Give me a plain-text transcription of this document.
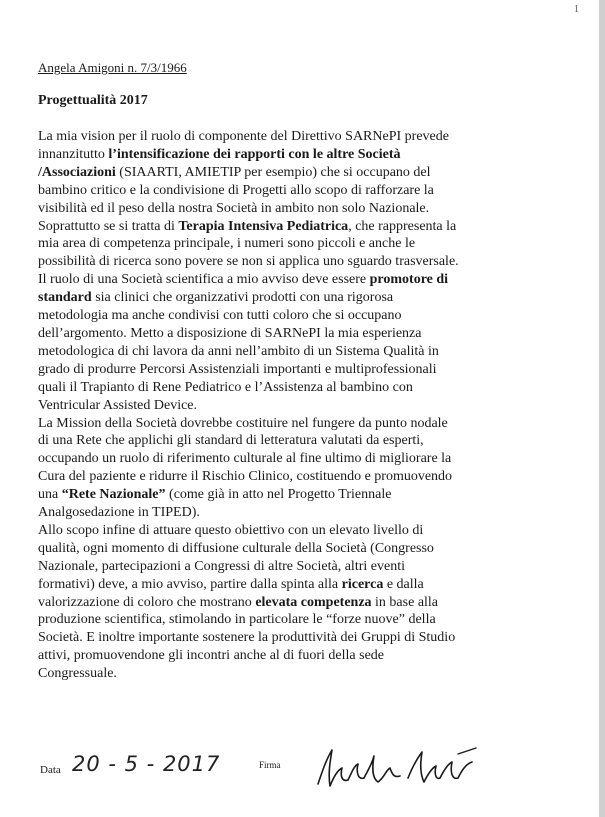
1
Angela Amigoni n. 7/3/1966
Progettualità 2017
La mia vision per il ruolo di componente del Direttivo SARNePI prevede
innanzitutto l’intensificazione dei rapporti con le altre Società
/Associazioni (SIAARTI, AMIETIP per esempio) che si occupano del
bambino critico e la condivisione di Progetti allo scopo di rafforzare la
visibilità ed il peso della nostra Società in ambito non solo Nazionale.
Soprattutto se si tratta di Terapia Intensiva Pediatrica, che rappresenta la
mia area di competenza principale, i numeri sono piccoli e anche le
possibilità di ricerca sono povere se non si applica uno sguardo trasversale.
Il ruolo di una Società scientifica a mio avviso deve essere promotore di
standard sia clinici che organizzativi prodotti con una rigorosa
metodologia ma anche condivisi con tutti coloro che si occupano
dell’argomento. Metto a disposizione di SARNePI la mia esperienza
metodologica di chi lavora da anni nell’ambito di un Sistema Qualità in
grado di produrre Percorsi Assistenziali importanti e multiprofessionali
quali il Trapianto di Rene Pediatrico e l’Assistenza al bambino con
Ventricular Assisted Device.
La Mission della Società dovrebbe costituire nel fungere da punto nodale
di una Rete che applichi gli standard di letteratura valutati da esperti,
occupando un ruolo di riferimento culturale al fine ultimo di migliorare la
Cura del paziente e ridurre il Rischio Clinico, costituendo e promuovendo
una “Rete Nazionale” (come già in atto nel Progetto Triennale
Analgosedazione in TIPED).
Allo scopo infine di attuare questo obiettivo con un elevato livello di
qualità, ogni momento di diffusione culturale della Società (Congresso
Nazionale, partecipazioni a Congressi di altre Società, altri eventi
formativi) deve, a mio avviso, partire dalla spinta alla ricerca e dalla
valorizzazione di coloro che mostrano elevata competenza in base alla
produzione scientifica, stimolando in particolare le “forze nuove” della
Società. E inoltre importante sostenere la produttività dei Gruppi di Studio
attivi, promuovendone gli incontri anche al di fuori della sede
Congressuale.
Data 20 - 5 - 2017	Firma
